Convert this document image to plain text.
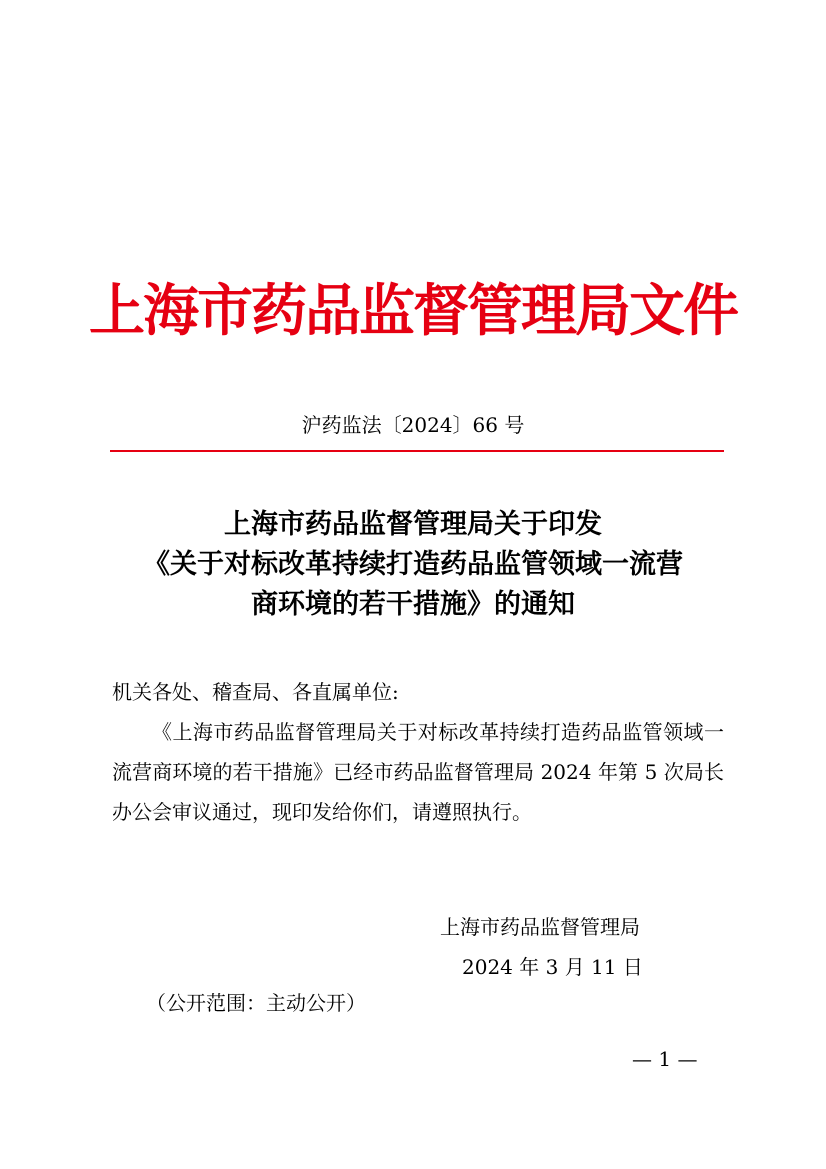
上海市药品监督管理局文件
沪药监法〔2024〕66 号
上海市药品监督管理局关于印发
《关于对标改革持续打造药品监管领域一流营
商环境的若干措施》的通知
机关各处、稽查局、各直属单位:
《上海市药品监督管理局关于对标改革持续打造药品监管领域一流营商环境的若干措施》已经市药品监督管理局 2024 年第 5 次局长办公会审议通过，现印发给你们，请遵照执行。
上海市药品监督管理局
2024 年 3 月 11 日
（公开范围：主动公开）
— 1 —
